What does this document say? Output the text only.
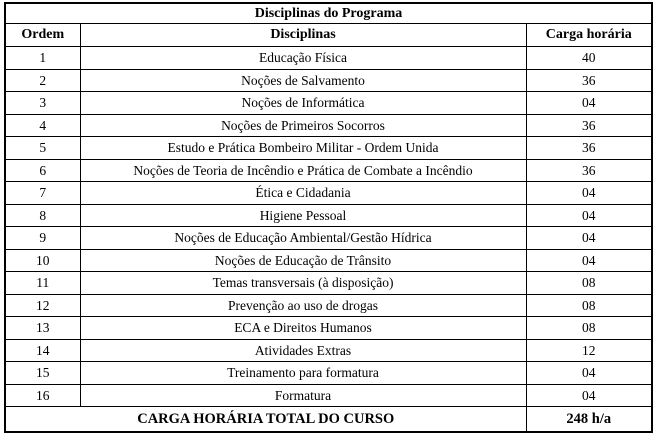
Disciplinas do Programa		
Ordem	Disciplinas	Carga horária
1	Educação Física	40
2	Noções de Salvamento	36
3	Noções de Informática	04
4	Noções de Primeiros Socorros	36
5	Estudo e Prática Bombeiro Militar - Ordem Unida	36
6	Noções de Teoria de Incêndio e Prática de Combate a Incêndio	36
7	Ética e Cidadania	04
8	Higiene Pessoal	04
9	Noções de Educação Ambiental/Gestão Hídrica	04
10	Noções de Educação de Trânsito	04
11	Temas transversais (à disposição)	08
12	Prevenção ao uso de drogas	08
13	ECA e Direitos Humanos	08
14	Atividades Extras	12
15	Treinamento para formatura	04
16	Formatura	04
CARGA HORÁRIA TOTAL DO CURSO		248 h/a
